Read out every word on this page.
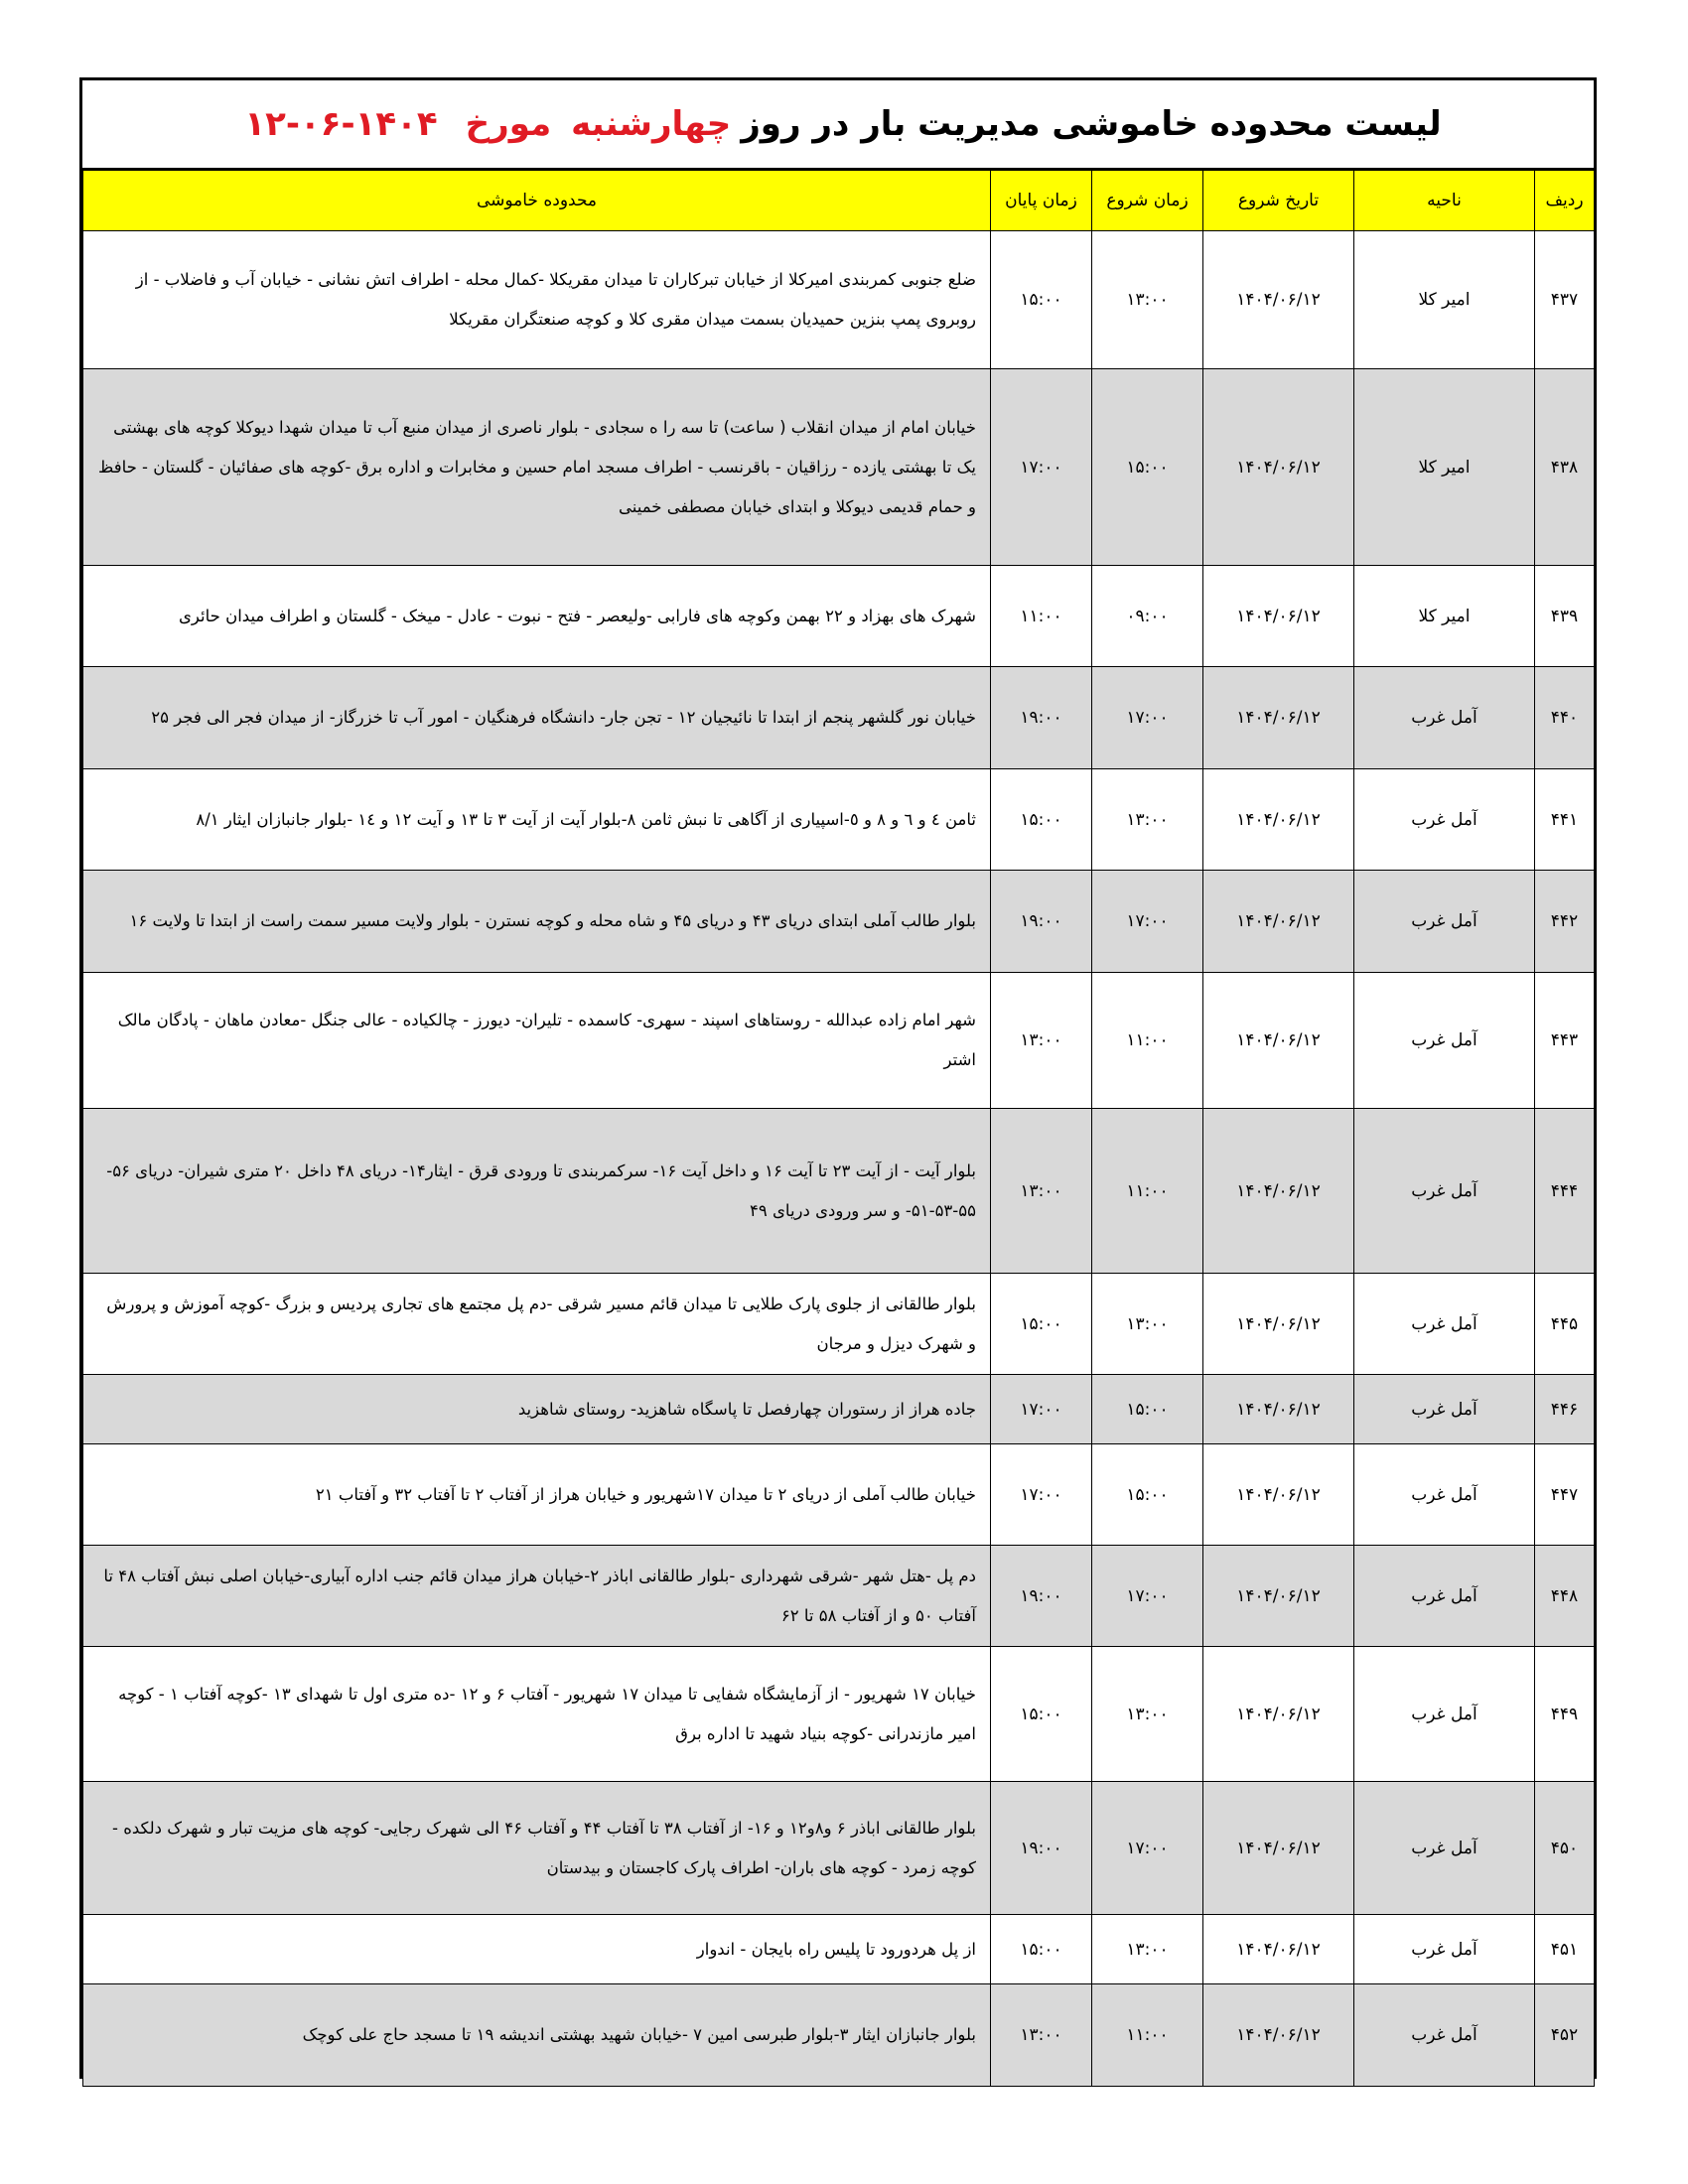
لیست محدوده خاموشی مدیریت بار در روز
چهارشنبه
مورخ
۱۲-۰۶-۱۴۰۴
ردیف	ناحیه	تاریخ شروع	زمان شروع	زمان پایان	محدوده خاموشی
۴۳۷	امیر کلا	۱۴۰۴/۰۶/۱۲	۱۳:۰۰	۱۵:۰۰	ضلع جنوبی کمربندی امیرکلا از خیابان تبرکاران تا میدان مقریکلا -کمال محله - اطراف اتش نشانی - خیابان آب و فاضلاب - از روبروی پمپ بنزین حمیدیان بسمت میدان مقری کلا و کوچه صنعتگران مقریکلا
۴۳۸	امیر کلا	۱۴۰۴/۰۶/۱۲	۱۵:۰۰	۱۷:۰۰	خیابان امام از میدان انقلاب ( ساعت) تا سه را ه سجادی - بلوار ناصری از میدان منبع آب تا میدان شهدا دیوکلا کوچه های بهشتی یک تا بهشتی یازده - رزاقیان - باقرنسب - اطراف مسجد امام حسین و مخابرات و اداره برق -کوچه های صفائیان - گلستان - حافظ و حمام قدیمی دیوکلا و ابتدای خیابان مصطفی خمینی
۴۳۹	امیر کلا	۱۴۰۴/۰۶/۱۲	۰۹:۰۰	۱۱:۰۰	شهرک های بهزاد و ۲۲ بهمن وکوچه های فارابی -ولیعصر - فتح - نبوت - عادل - میخک - گلستان و اطراف میدان حائری
۴۴۰	آمل غرب	۱۴۰۴/۰۶/۱۲	۱۷:۰۰	۱۹:۰۰	خیابان نور گلشهر پنجم از ابتدا تا نائیجیان ۱۲ - تجن جار- دانشگاه فرهنگیان - امور آب تا خزرگاز- از میدان فجر الی فجر ۲۵
۴۴۱	آمل غرب	۱۴۰۴/۰۶/۱۲	۱۳:۰۰	۱۵:۰۰	ثامن ٤ و ٦ و ٨ و ٥-اسپیاری از آگاهی تا نبش ثامن ٨-بلوار آیت از آیت ٣ تا ١٣ و آیت ١٢ و ١٤ -بلوار جانبازان ایثار ٨/١
۴۴۲	آمل غرب	۱۴۰۴/۰۶/۱۲	۱۷:۰۰	۱۹:۰۰	بلوار طالب آملی ابتدای دریای ۴۳ و دریای ۴۵ و شاه محله و کوچه نسترن - بلوار ولایت مسیر سمت راست از ابتدا تا ولایت ۱۶
۴۴۳	آمل غرب	۱۴۰۴/۰۶/۱۲	۱۱:۰۰	۱۳:۰۰	شهر امام زاده عبدالله - روستاهای اسپند - سهری- کاسمده - تلیران- دیورز - چالکیاده - عالی جنگل -معادن ماهان - پادگان مالک اشتر
۴۴۴	آمل غرب	۱۴۰۴/۰۶/۱۲	۱۱:۰۰	۱۳:۰۰	بلوار آیت - از آیت ۲۳ تا آیت ۱۶ و داخل آیت ۱۶- سرکمربندی تا ورودی قرق - ایثار۱۴- دریای ۴۸ داخل ۲۰ متری شیران- دریای ۵۶- ۵۵-۵۳-۵۱- و سر ورودی دریای ۴۹
۴۴۵	آمل غرب	۱۴۰۴/۰۶/۱۲	۱۳:۰۰	۱۵:۰۰	بلوار طالقانی از جلوی پارک طلایی تا میدان قائم مسیر شرقی -دم پل مجتمع های تجاری پردیس و بزرگ -کوچه آموزش و پرورش و شهرک دیزل و مرجان
۴۴۶	آمل غرب	۱۴۰۴/۰۶/۱۲	۱۵:۰۰	۱۷:۰۰	جاده هراز از رستوران چهارفصل تا پاسگاه شاهزید- روستای شاهزید
۴۴۷	آمل غرب	۱۴۰۴/۰۶/۱۲	۱۵:۰۰	۱۷:۰۰	خیابان طالب آملی از دریای ۲ تا میدان ۱۷شهریور و خیابان هراز از آفتاب ۲ تا آفتاب ۳۲ و آفتاب ۲۱
۴۴۸	آمل غرب	۱۴۰۴/۰۶/۱۲	۱۷:۰۰	۱۹:۰۰	دم پل -هتل شهر -شرقی شهرداری -بلوار طالقانی اباذر ۲-خیابان هراز میدان قائم جنب اداره آبیاری-خیابان اصلی نبش آفتاب ۴۸ تا آفتاب ۵۰ و از آفتاب ۵۸ تا ۶۲
۴۴۹	آمل غرب	۱۴۰۴/۰۶/۱۲	۱۳:۰۰	۱۵:۰۰	خیابان ۱۷ شهریور - از آزمایشگاه شفایی تا میدان ۱۷ شهریور - آفتاب ۶ و ۱۲ -ده متری اول تا شهدای ۱۳ -کوچه آفتاب ۱ - کوچه امیر مازندرانی -کوچه بنیاد شهید تا اداره برق
۴۵۰	آمل غرب	۱۴۰۴/۰۶/۱۲	۱۷:۰۰	۱۹:۰۰	بلوار طالقانی اباذر ۶ و۸و۱۲ و ۱۶- از آفتاب ۳۸ تا آفتاب ۴۴ و آفتاب ۴۶ الی شهرک رجایی- کوچه های مزیت تبار و شهرک دلکده - کوچه زمرد - کوچه های باران- اطراف پارک کاجستان و بیدستان
۴۵۱	آمل غرب	۱۴۰۴/۰۶/۱۲	۱۳:۰۰	۱۵:۰۰	از پل هردورود تا پلیس راه بایجان - اندوار
۴۵۲	آمل غرب	۱۴۰۴/۰۶/۱۲	۱۱:۰۰	۱۳:۰۰	بلوار جانبازان ایثار ۳-بلوار طبرسی امین ۷ -خیابان شهید بهشتی اندیشه ۱۹ تا مسجد حاج علی کوچک
